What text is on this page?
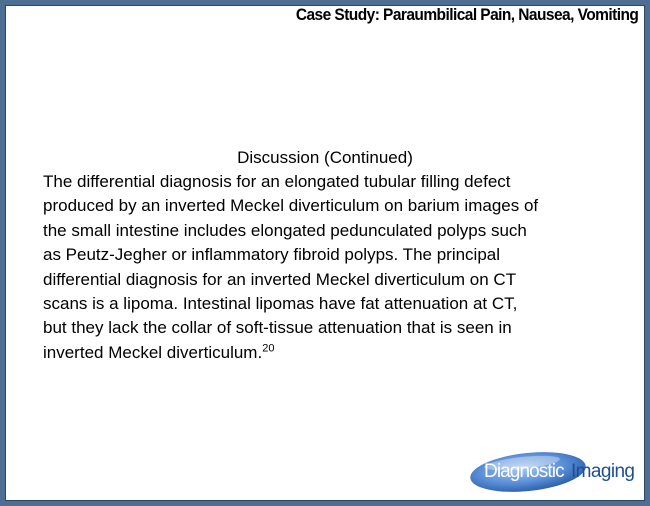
Case Study: Paraumbilical Pain, Nausea, Vomiting
Discussion (Continued)
The differential diagnosis for an elongated tubular filling defect
produced by an inverted Meckel diverticulum on barium images of
the small intestine includes elongated pedunculated polyps such
as Peutz-Jegher or inflammatory fibroid polyps. The principal
differential diagnosis for an inverted Meckel diverticulum on CT
scans is a lipoma. Intestinal lipomas have fat attenuation at CT,
but they lack the collar of soft-tissue attenuation that is seen in
inverted Meckel diverticulum.$^{20}$
Diagnostic Imaging
